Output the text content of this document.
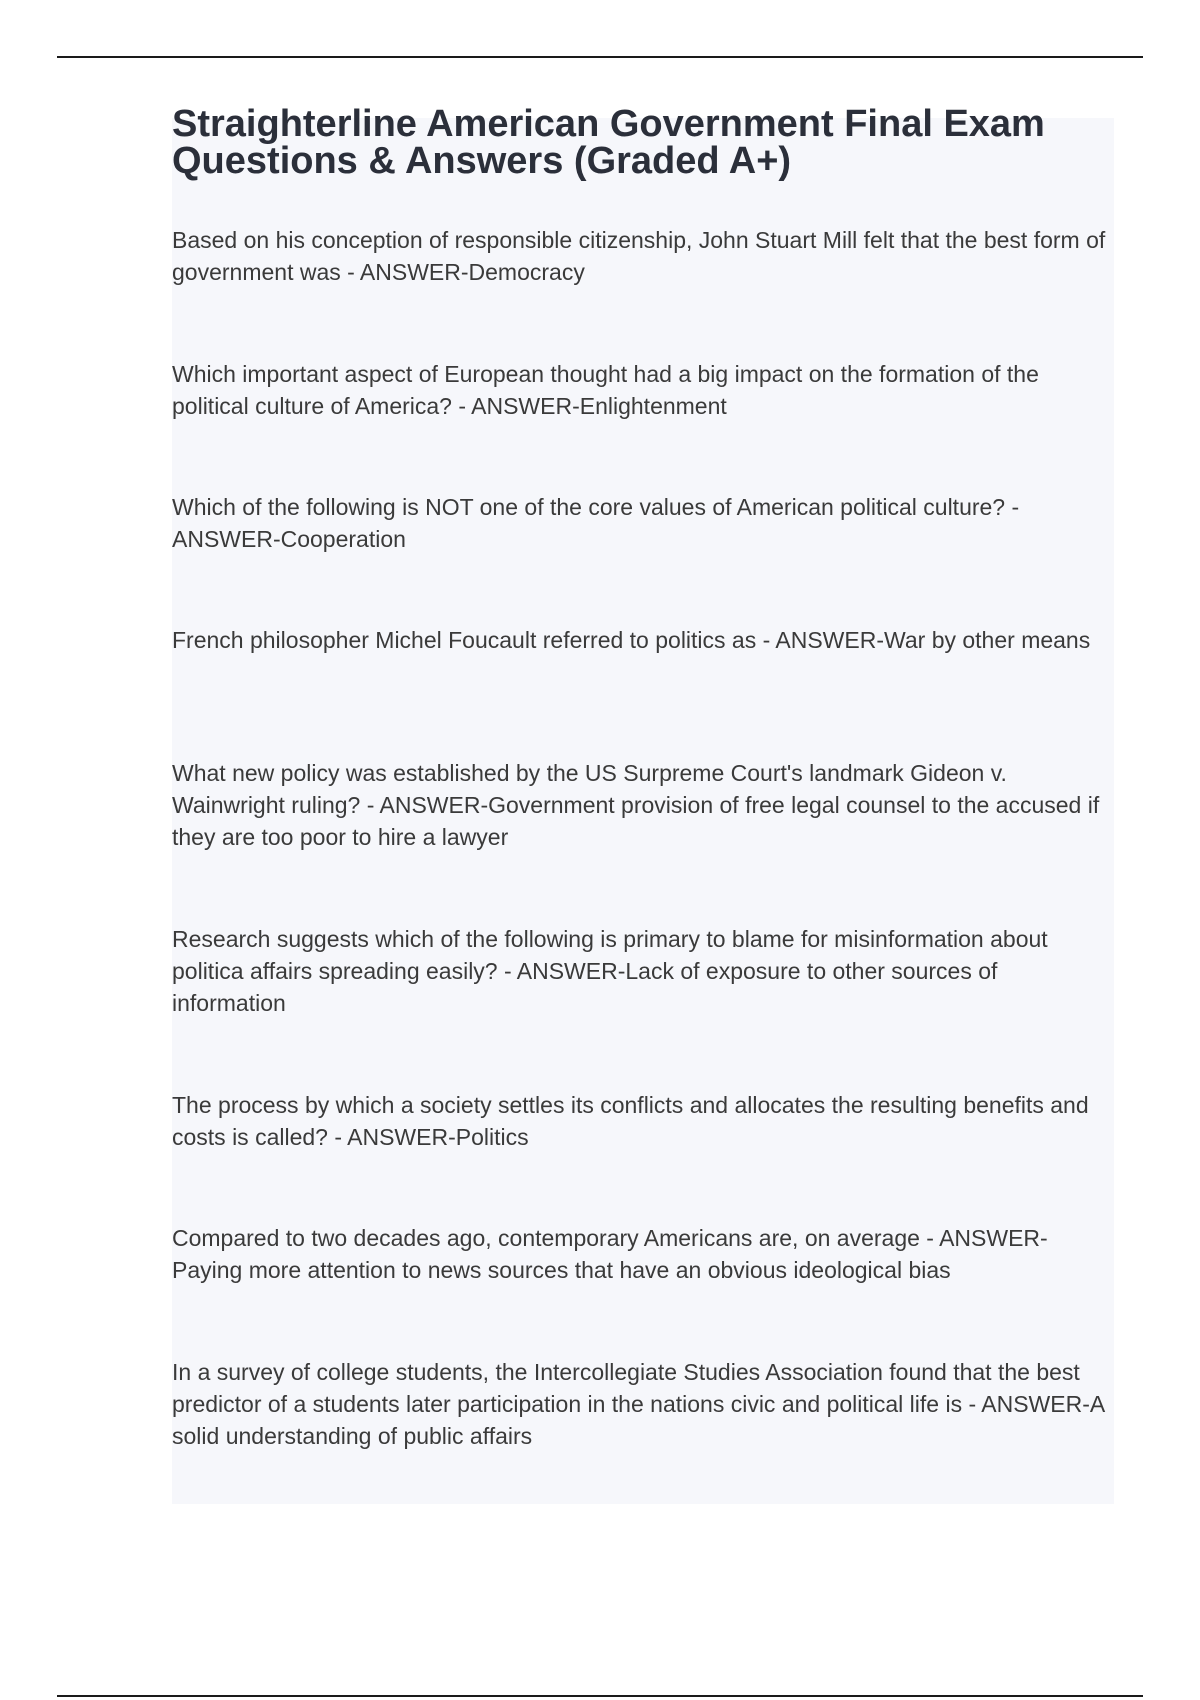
Straighterline American Government Final Exam Questions & Answers (Graded A+)

Based on his conception of responsible citizenship, John Stuart Mill felt that the best form of government was - ANSWER-Democracy

Which important aspect of European thought had a big impact on the formation of the political culture of America? - ANSWER-Enlightenment

Which of the following is NOT one of the core values of American political culture? - ANSWER-Cooperation

French philosopher Michel Foucault referred to politics as - ANSWER-War by other means

What new policy was established by the US Surpreme Court's landmark Gideon v. Wainwright ruling? - ANSWER-Government provision of free legal counsel to the accused if they are too poor to hire a lawyer

Research suggests which of the following is primary to blame for misinformation about politica affairs spreading easily? - ANSWER-Lack of exposure to other sources of information

The process by which a society settles its conflicts and allocates the resulting benefits and costs is called? - ANSWER-Politics

Compared to two decades ago, contemporary Americans are, on average - ANSWER-Paying more attention to news sources that have an obvious ideological bias

In a survey of college students, the Intercollegiate Studies Association found that the best predictor of a students later participation in the nations civic and political life is - ANSWER-A solid understanding of public affairs
